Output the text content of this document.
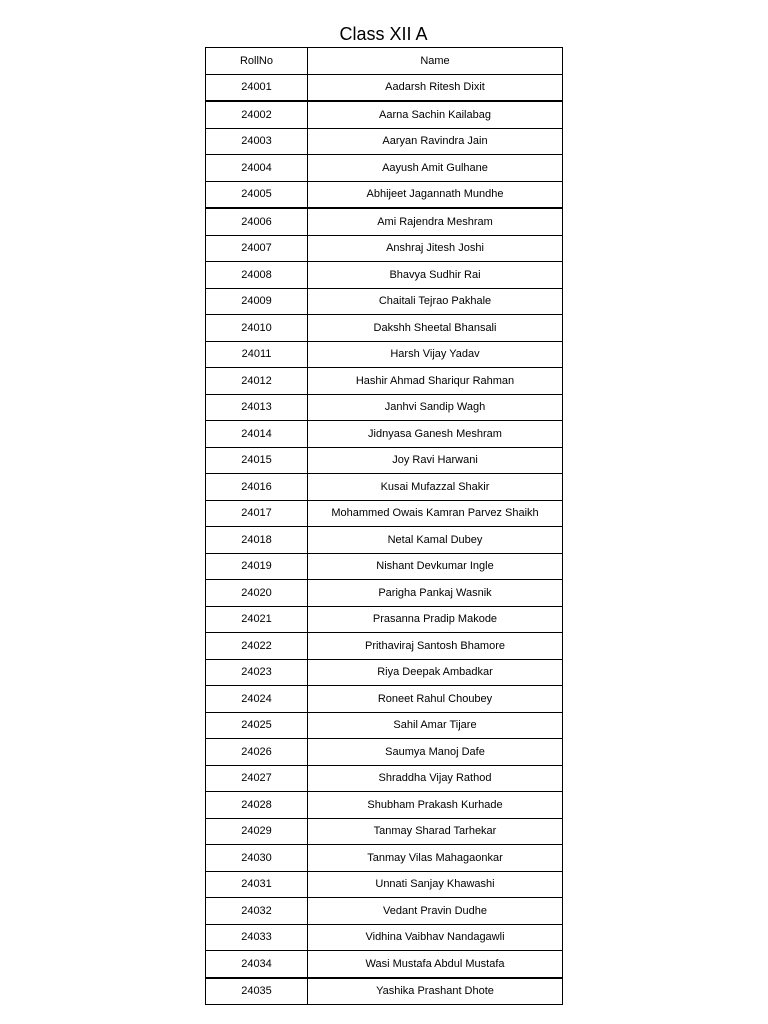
Class XII A
RollNo	Name
24001	Aadarsh Ritesh Dixit
24002	Aarna Sachin Kailabag
24003	Aaryan Ravindra Jain
24004	Aayush Amit Gulhane
24005	Abhijeet Jagannath Mundhe
24006	Ami Rajendra Meshram
24007	Anshraj Jitesh Joshi
24008	Bhavya Sudhir Rai
24009	Chaitali Tejrao Pakhale
24010	Dakshh Sheetal Bhansali
24011	Harsh Vijay Yadav
24012	Hashir Ahmad Shariqur Rahman
24013	Janhvi Sandip Wagh
24014	Jidnyasa Ganesh Meshram
24015	Joy Ravi Harwani
24016	Kusai Mufazzal Shakir
24017	Mohammed Owais Kamran Parvez Shaikh
24018	Netal Kamal Dubey
24019	Nishant Devkumar Ingle
24020	Parigha Pankaj Wasnik
24021	Prasanna Pradip Makode
24022	Prithaviraj Santosh Bhamore
24023	Riya Deepak Ambadkar
24024	Roneet Rahul Choubey
24025	Sahil Amar Tijare
24026	Saumya Manoj Dafe
24027	Shraddha Vijay Rathod
24028	Shubham Prakash Kurhade
24029	Tanmay Sharad Tarhekar
24030	Tanmay Vilas Mahagaonkar
24031	Unnati Sanjay Khawashi
24032	Vedant Pravin Dudhe
24033	Vidhina Vaibhav Nandagawli
24034	Wasi Mustafa Abdul Mustafa
24035	Yashika Prashant Dhote
